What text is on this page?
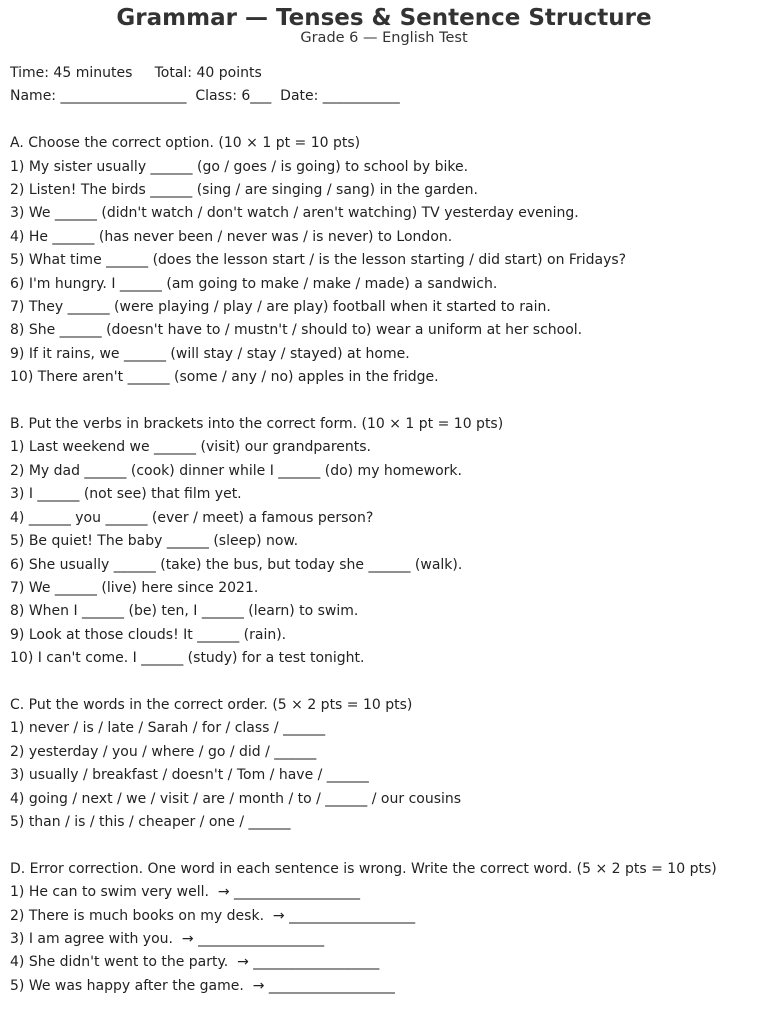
Grammar — Tenses & Sentence Structure

Grade 6 — English Test

Time: 45 minutes     Total: 40 points

Name: __________________  Class: 6___  Date: ___________

A. Choose the correct option. (10 × 1 pt = 10 pts)

1) My sister usually ______ (go / goes / is going) to school by bike.

2) Listen! The birds ______ (sing / are singing / sang) in the garden.

3) We ______ (didn't watch / don't watch / aren't watching) TV yesterday evening.

4) He ______ (has never been / never was / is never) to London.

5) What time ______ (does the lesson start / is the lesson starting / did start) on Fridays?

6) I'm hungry. I ______ (am going to make / make / made) a sandwich.

7) They ______ (were playing / play / are play) football when it started to rain.

8) She ______ (doesn't have to / mustn't / should to) wear a uniform at her school.

9) If it rains, we ______ (will stay / stay / stayed) at home.

10) There aren't ______ (some / any / no) apples in the fridge.

B. Put the verbs in brackets into the correct form. (10 × 1 pt = 10 pts)

1) Last weekend we ______ (visit) our grandparents.

2) My dad ______ (cook) dinner while I ______ (do) my homework.

3) I ______ (not see) that film yet.

4) ______ you ______ (ever / meet) a famous person?

5) Be quiet! The baby ______ (sleep) now.

6) She usually ______ (take) the bus, but today she ______ (walk).

7) We ______ (live) here since 2021.

8) When I ______ (be) ten, I ______ (learn) to swim.

9) Look at those clouds! It ______ (rain).

10) I can't come. I ______ (study) for a test tonight.

C. Put the words in the correct order. (5 × 2 pts = 10 pts)

1) never / is / late / Sarah / for / class / ______

2) yesterday / you / where / go / did / ______

3) usually / breakfast / doesn't / Tom / have / ______

4) going / next / we / visit / are / month / to / ______ / our cousins

5) than / is / this / cheaper / one / ______

D. Error correction. One word in each sentence is wrong. Write the correct word. (5 × 2 pts = 10 pts)

1) He can to swim very well.  → __________________

2) There is much books on my desk.  → __________________

3) I am agree with you.  → __________________

4) She didn't went to the party.  → __________________

5) We was happy after the game.  → __________________
